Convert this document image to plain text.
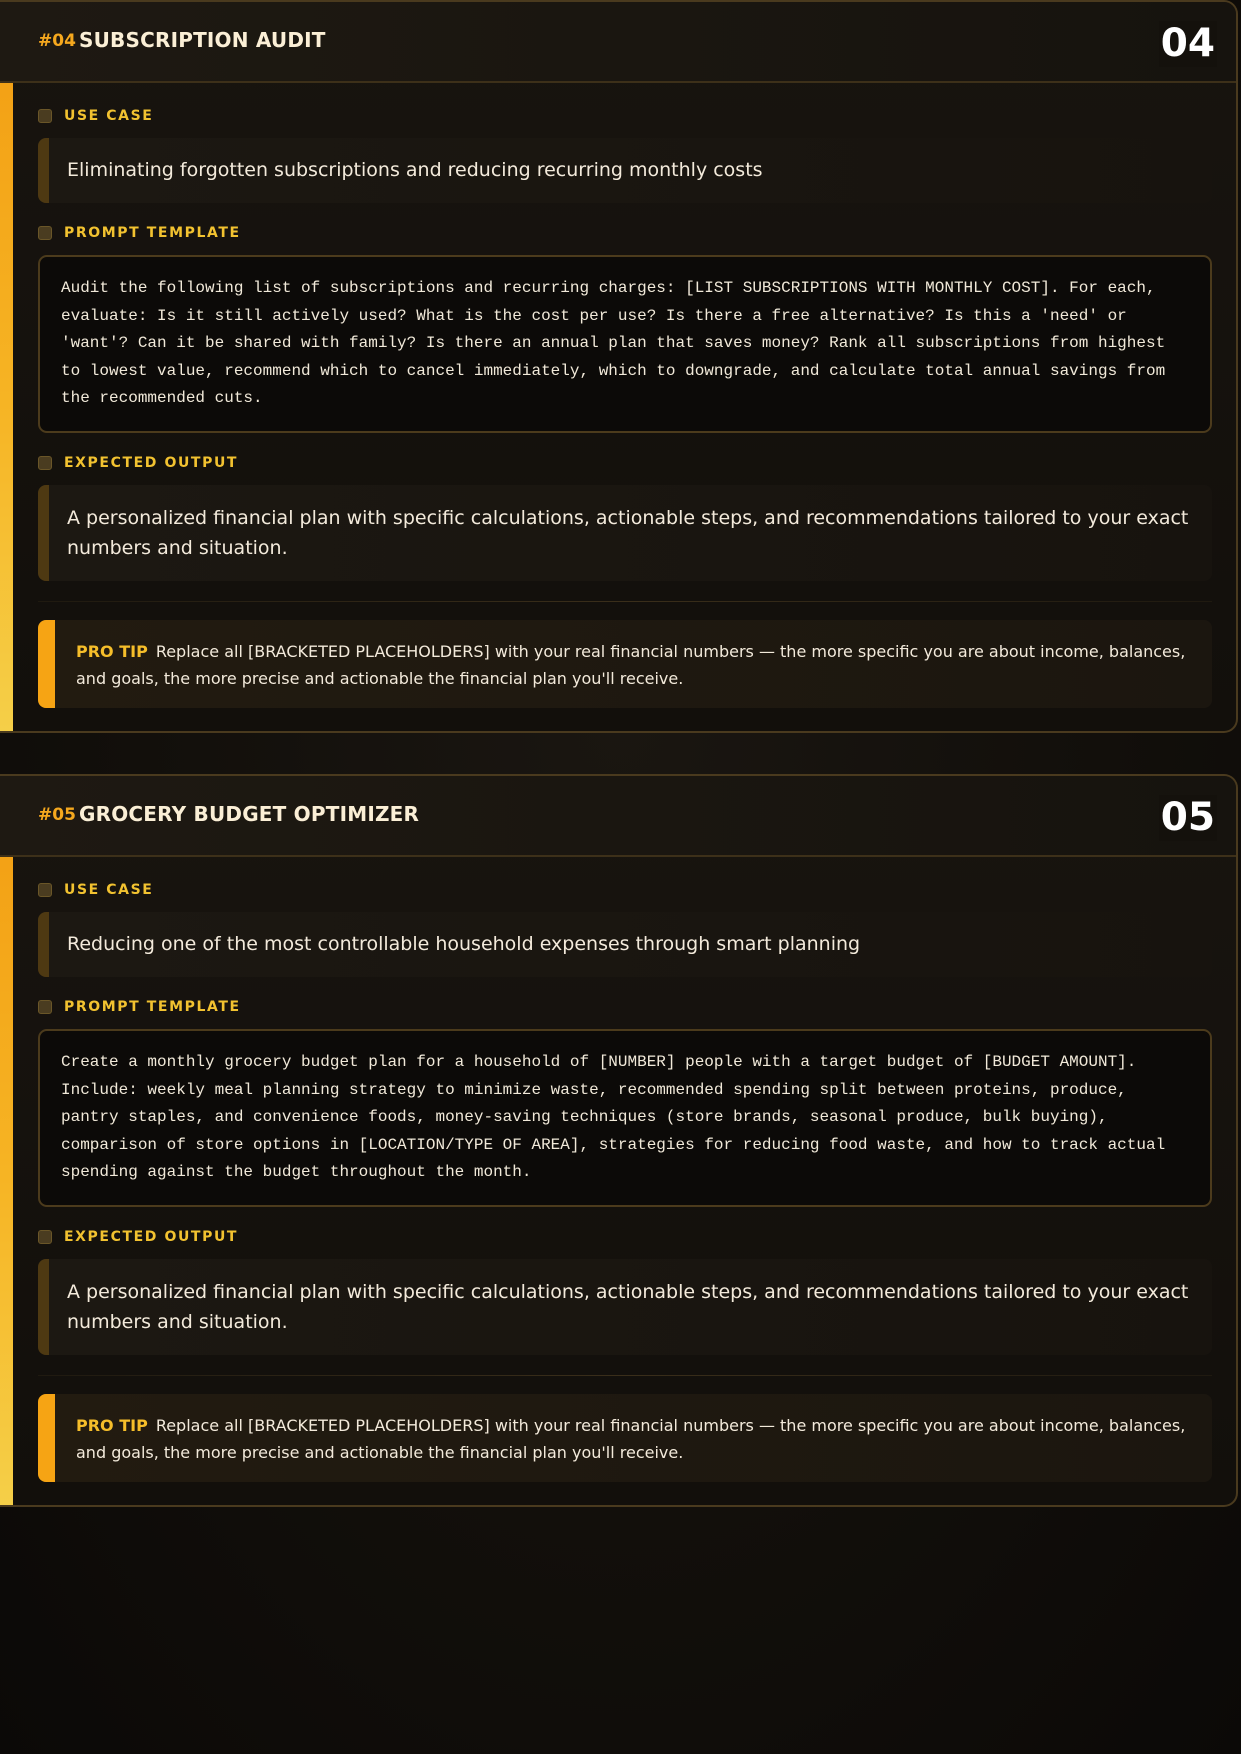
#04 SUBSCRIPTION AUDIT	04
USE CASE
Eliminating forgotten subscriptions and reducing recurring monthly costs
PROMPT TEMPLATE
Audit the following list of subscriptions and recurring charges: [LIST SUBSCRIPTIONS WITH MONTHLY COST]. For each,
evaluate: Is it still actively used? What is the cost per use? Is there a free alternative? Is this a 'need' or
'want'? Can it be shared with family? Is there an annual plan that saves money? Rank all subscriptions from highest
to lowest value, recommend which to cancel immediately, which to downgrade, and calculate total annual savings from
the recommended cuts.
EXPECTED OUTPUT
A personalized financial plan with specific calculations, actionable steps, and recommendations tailored to your exact numbers and situation.
PRO TIP Replace all [BRACKETED PLACEHOLDERS] with your real financial numbers — the more specific you are about income, balances, and goals, the more precise and actionable the financial plan you'll receive.
#05 GROCERY BUDGET OPTIMIZER	05
USE CASE
Reducing one of the most controllable household expenses through smart planning
PROMPT TEMPLATE
Create a monthly grocery budget plan for a household of [NUMBER] people with a target budget of [BUDGET AMOUNT].
Include: weekly meal planning strategy to minimize waste, recommended spending split between proteins, produce,
pantry staples, and convenience foods, money-saving techniques (store brands, seasonal produce, bulk buying),
comparison of store options in [LOCATION/TYPE OF AREA], strategies for reducing food waste, and how to track actual
spending against the budget throughout the month.
EXPECTED OUTPUT
A personalized financial plan with specific calculations, actionable steps, and recommendations tailored to your exact numbers and situation.
PRO TIP Replace all [BRACKETED PLACEHOLDERS] with your real financial numbers — the more specific you are about income, balances, and goals, the more precise and actionable the financial plan you'll receive.
